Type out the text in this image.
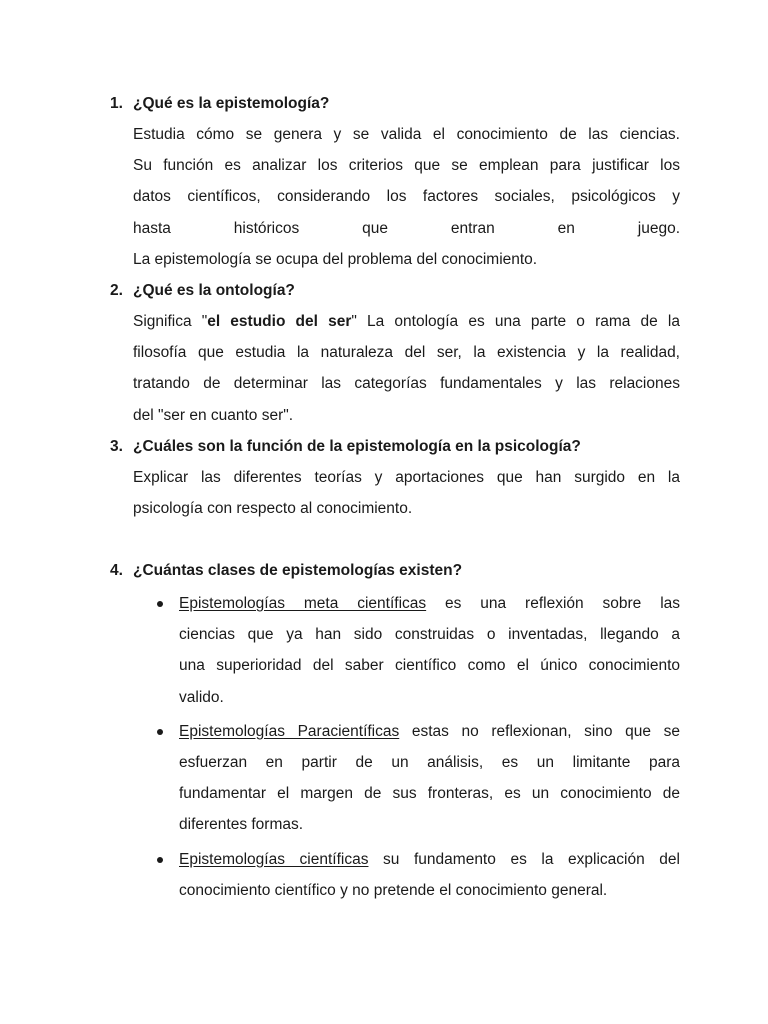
1. ¿Qué es la epistemología?
Estudia cómo se genera y se valida el conocimiento de las ciencias.
Su función es analizar los criterios que se emplean para justificar los
datos científicos, considerando los factores sociales, psicológicos y
hasta históricos que entran en juego.
La epistemología se ocupa del problema del conocimiento.
2. ¿Qué es la ontología?
Significa "el estudio del ser" La ontología es una parte o rama de la
filosofía que estudia la naturaleza del ser, la existencia y la realidad,
tratando de determinar las categorías fundamentales y las relaciones
del "ser en cuanto ser".
3. ¿Cuáles son la función de la epistemología en la psicología?
Explicar las diferentes teorías y aportaciones que han surgido en la
psicología con respecto al conocimiento.
4. ¿Cuántas clases de epistemologías existen?
Epistemologías meta científicas es una reflexión sobre las
ciencias que ya han sido construidas o inventadas, llegando a
una superioridad del saber científico como el único conocimiento
valido.
Epistemologías Paracientíficas estas no reflexionan, sino que se
esfuerzan en partir de un análisis, es un limitante para
fundamentar el margen de sus fronteras, es un conocimiento de
diferentes formas.
Epistemologías científicas su fundamento es la explicación del
conocimiento científico y no pretende el conocimiento general.
